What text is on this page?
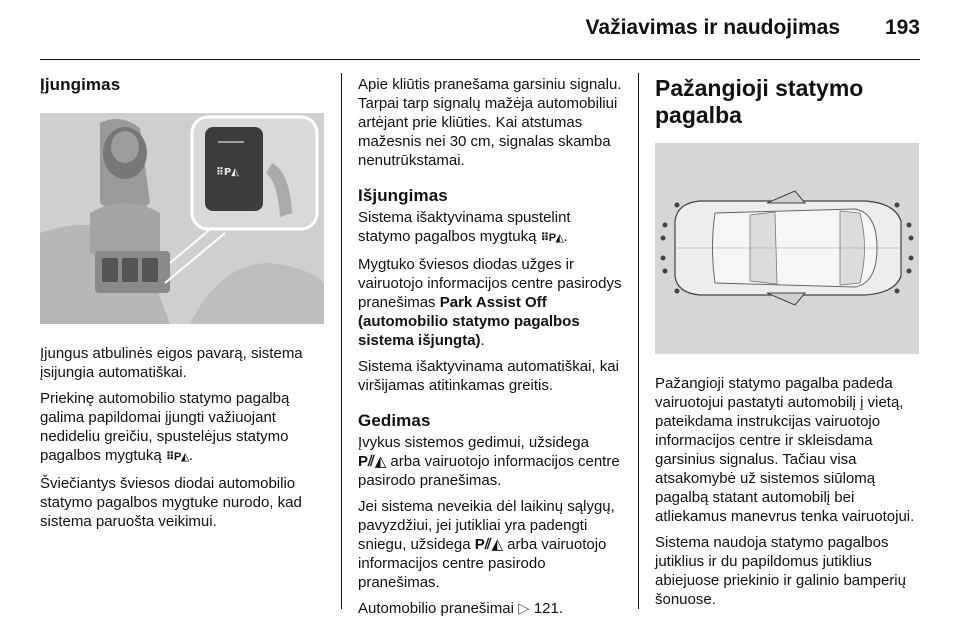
Važiavimas ir naudojimas 193
Įjungimas
⠿P◭

Įjungus atbulinės eigos pavarą, sistema įsijungia automatiškai.

Priekinę automobilio statymo pagalbą galima papildomai įjungti važiuojant nedideliu greičiu, spustelėjus statymo pagalbos mygtuką ⠿P◭.

Šviečiantys šviesos diodai automobilio statymo pagalbos mygtuke nurodo, kad sistema paruošta veikimui.

Apie kliūtis pranešama garsiniu signalu. Tarpai tarp signalų mažėja automobiliui artėjant prie kliūties. Kai atstumas mažesnis nei 30 cm, signalas skamba nenutrūkstamai.

Išjungimas

Sistema išaktyvinama spustelint statymo pagalbos mygtuką ⠿P◭.

Mygtuko šviesos diodas užges ir vairuotojo informacijos centre pasirodys pranešimas Park Assist Off (automobilio statymo pagalbos sistema išjungta).

Sistema išaktyvinama automatiškai, kai viršijamas atitinkamas greitis.

Gedimas

Įvykus sistemos gedimui, užsidega
P⫽◭ arba vairuotojo informacijos centre pasirodo pranešimas.

Jei sistema neveikia dėl laikinų sąlygų, pavyzdžiui, jei jutikliai yra padengti sniegu, užsidega P⫽◭ arba vairuotojo informacijos centre pasirodo pranešimas.

Automobilio pranešimai ▷ 121.

Pažangioji statymo pagalba

Pažangioji statymo pagalba padeda vairuotojui pastatyti automobilį į vietą, pateikdama instrukcijas vairuotojo informacijos centre ir skleisdama garsinius signalus. Tačiau visa atsakomybė už sistemos siūlomą pagalbą statant automobilį bei atliekamus manevrus tenka vairuotojui.

Sistema naudoja statymo pagalbos jutiklius ir du papildomus jutiklius abiejuose priekinio ir galinio bamperių šonuose.
